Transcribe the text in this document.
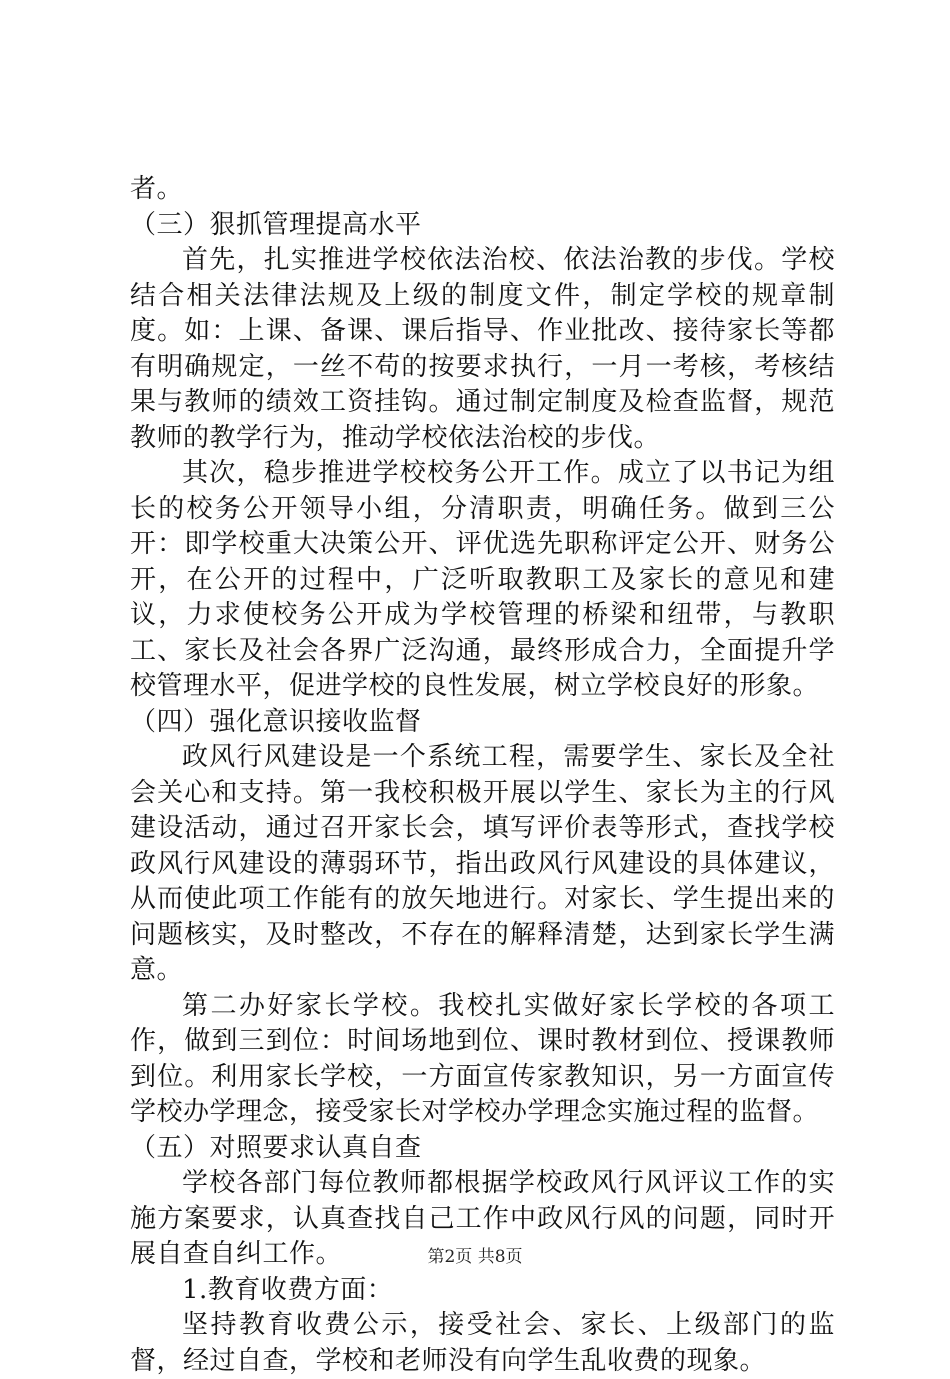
者。

（三）狠抓管理提高水平

首先，扎实推进学校依法治校、依法治教的步伐。学校结合相关法律法规及上级的制度文件，制定学校的规章制度。如：上课、备课、课后指导、作业批改、接待家长等都有明确规定，一丝不苟的按要求执行，一月一考核，考核结果与教师的绩效工资挂钩。通过制定制度及检查监督，规范教师的教学行为，推动学校依法治校的步伐。

其次，稳步推进学校校务公开工作。成立了以书记为组长的校务公开领导小组，分清职责，明确任务。做到三公开：即学校重大决策公开、评优选先职称评定公开、财务公开，在公开的过程中，广泛听取教职工及家长的意见和建议，力求使校务公开成为学校管理的桥梁和纽带，与教职工、家长及社会各界广泛沟通，最终形成合力，全面提升学校管理水平，促进学校的良性发展，树立学校良好的形象。

（四）强化意识接收监督

政风行风建设是一个系统工程，需要学生、家长及全社会关心和支持。第一我校积极开展以学生、家长为主的行风建设活动，通过召开家长会，填写评价表等形式，查找学校政风行风建设的薄弱环节，指出政风行风建设的具体建议，从而使此项工作能有的放矢地进行。对家长、学生提出来的问题核实，及时整改，不存在的解释清楚，达到家长学生满意。

第二办好家长学校。我校扎实做好家长学校的各项工作，做到三到位：时间场地到位、课时教材到位、授课教师到位。利用家长学校，一方面宣传家教知识，另一方面宣传学校办学理念，接受家长对学校办学理念实施过程的监督。

（五）对照要求认真自查

学校各部门每位教师都根据学校政风行风评议工作的实施方案要求，认真查找自己工作中政风行风的问题，同时开展自查自纠工作。

1.教育收费方面：

坚持教育收费公示，接受社会、家长、上级部门的监督，经过自查，学校和老师没有向学生乱收费的现象。

第2页 共8页
